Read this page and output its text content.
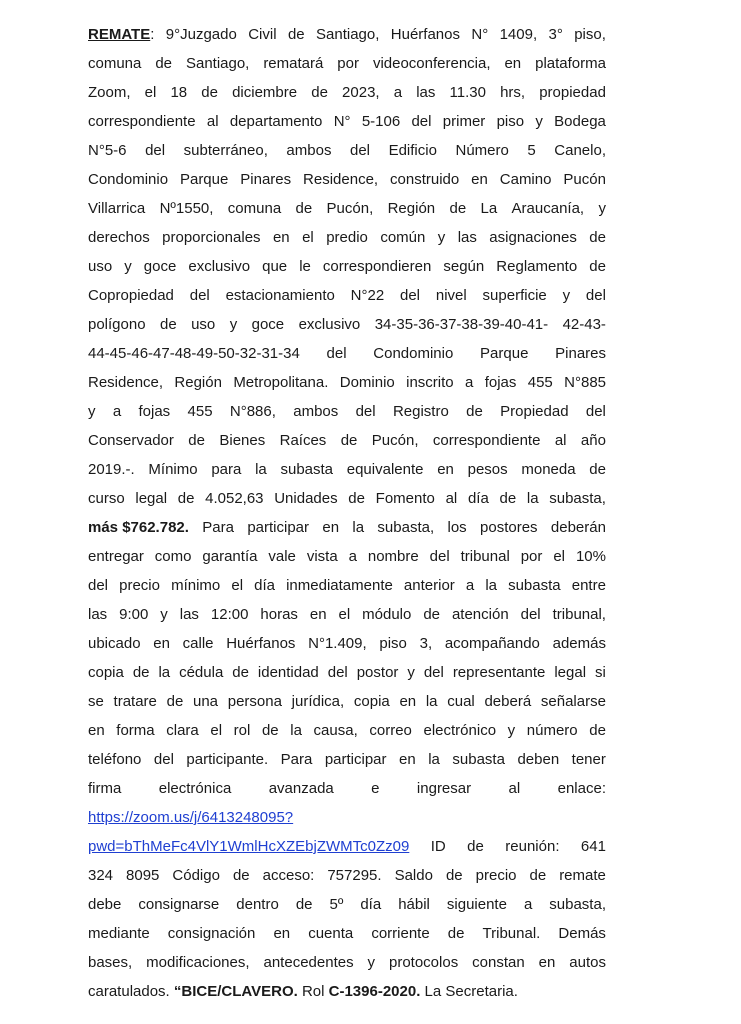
REMATE: 9°Juzgado Civil de Santiago, Huérfanos N° 1409, 3° piso,
comuna de Santiago, rematará por videoconferencia, en plataforma
Zoom, el 18 de diciembre de 2023, a las 11.30 hrs, propiedad
correspondiente al departamento N° 5-106 del primer piso y Bodega
N°5-6 del subterráneo, ambos del Edificio Número 5 Canelo,
Condominio Parque Pinares Residence, construido en Camino Pucón
Villarrica Nº1550, comuna de Pucón, Región de La Araucanía, y
derechos proporcionales en el predio común y las asignaciones de
uso y goce exclusivo que le correspondieren según Reglamento de
Copropiedad del estacionamiento N°22 del nivel superficie y del
polígono de uso y goce exclusivo 34-35-36-37-38-39-40-41- 42-43-
44-45-46-47-48-49-50-32-31-34 del Condominio Parque Pinares
Residence, Región Metropolitana. Dominio inscrito a fojas 455 N°885
y a fojas 455 N°886, ambos del Registro de Propiedad del
Conservador de Bienes Raíces de Pucón, correspondiente al año
2019.-. Mínimo para la subasta equivalente en pesos moneda de
curso legal de 4.052,63 Unidades de Fomento al día de la subasta,
más $762.782. Para participar en la subasta, los postores deberán
entregar como garantía vale vista a nombre del tribunal por el 10%
del precio mínimo el día inmediatamente anterior a la subasta entre
las 9:00 y las 12:00 horas en el módulo de atención del tribunal,
ubicado en calle Huérfanos N°1.409, piso 3, acompañando además
copia de la cédula de identidad del postor y del representante legal si
se tratare de una persona jurídica, copia en la cual deberá señalarse
en forma clara el rol de la causa, correo electrónico y número de
teléfono del participante. Para participar en la subasta deben tener
firma electrónica avanzada e ingresar al enlace:
https://zoom.us/j/6413248095?
pwd=bThMeFc4VlY1WmlHcXZEbjZWMTc0Zz09 ID de reunión: 641
324 8095 Código de acceso: 757295. Saldo de precio de remate
debe consignarse dentro de 5º día hábil siguiente a subasta,
mediante consignación en cuenta corriente de Tribunal. Demás
bases, modificaciones, antecedentes y protocolos constan en autos
caratulados. “BICE/CLAVERO. Rol C-1396-2020. La Secretaria.
